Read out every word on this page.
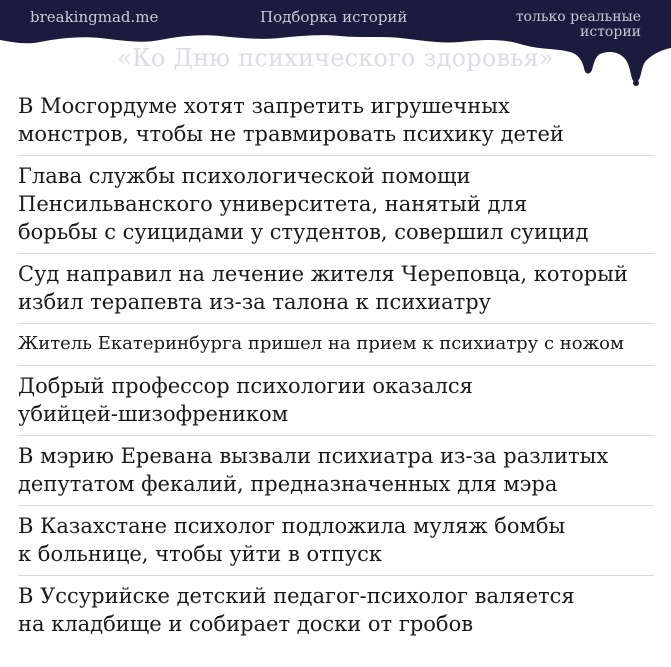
breakingmad.me	Подборка историй	только реальные истории
«Ко Дню психического здоровья»
В Мосгордуме хотят запретить игрушечных
монстров, чтобы не травмировать психику детей
Глава службы психологической помощи
Пенсильванского университета, нанятый для
борьбы с суицидами у студентов, совершил суицид
Суд направил на лечение жителя Череповца, который
избил терапевта из-за талона к психиатру
Житель Екатеринбурга пришел на прием к психиатру с ножом
Добрый профессор психологии оказался
убийцей-шизофреником
В мэрию Еревана вызвали психиатра из-за разлитых
депутатом фекалий, предназначенных для мэра
В Казахстане психолог подложила муляж бомбы
к больнице, чтобы уйти в отпуск
В Уссурийске детский педагог-психолог валяется
на кладбище и собирает доски от гробов
